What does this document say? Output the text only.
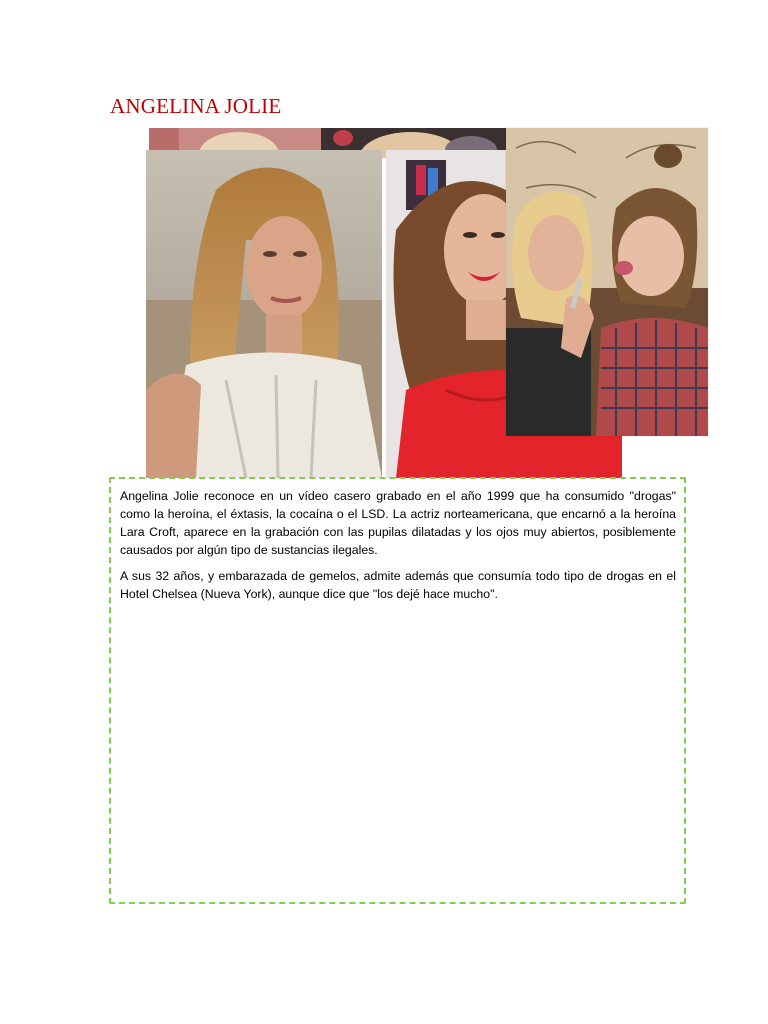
ANGELINA JOLIE

Angelina Jolie reconoce en un vídeo casero grabado en el año 1999 que ha consumido "drogas" como la heroína, el éxtasis, la cocaína o el LSD. La actriz norteamericana, que encarnó a la heroína Lara Croft, aparece en la grabación con las pupilas dilatadas y los ojos muy abiertos, posiblemente causados por algún tipo de sustancias ilegales.

A sus 32 años, y embarazada de gemelos, admite además que consumía todo tipo de drogas en el Hotel Chelsea (Nueva York), aunque dice que "los dejé hace mucho".
